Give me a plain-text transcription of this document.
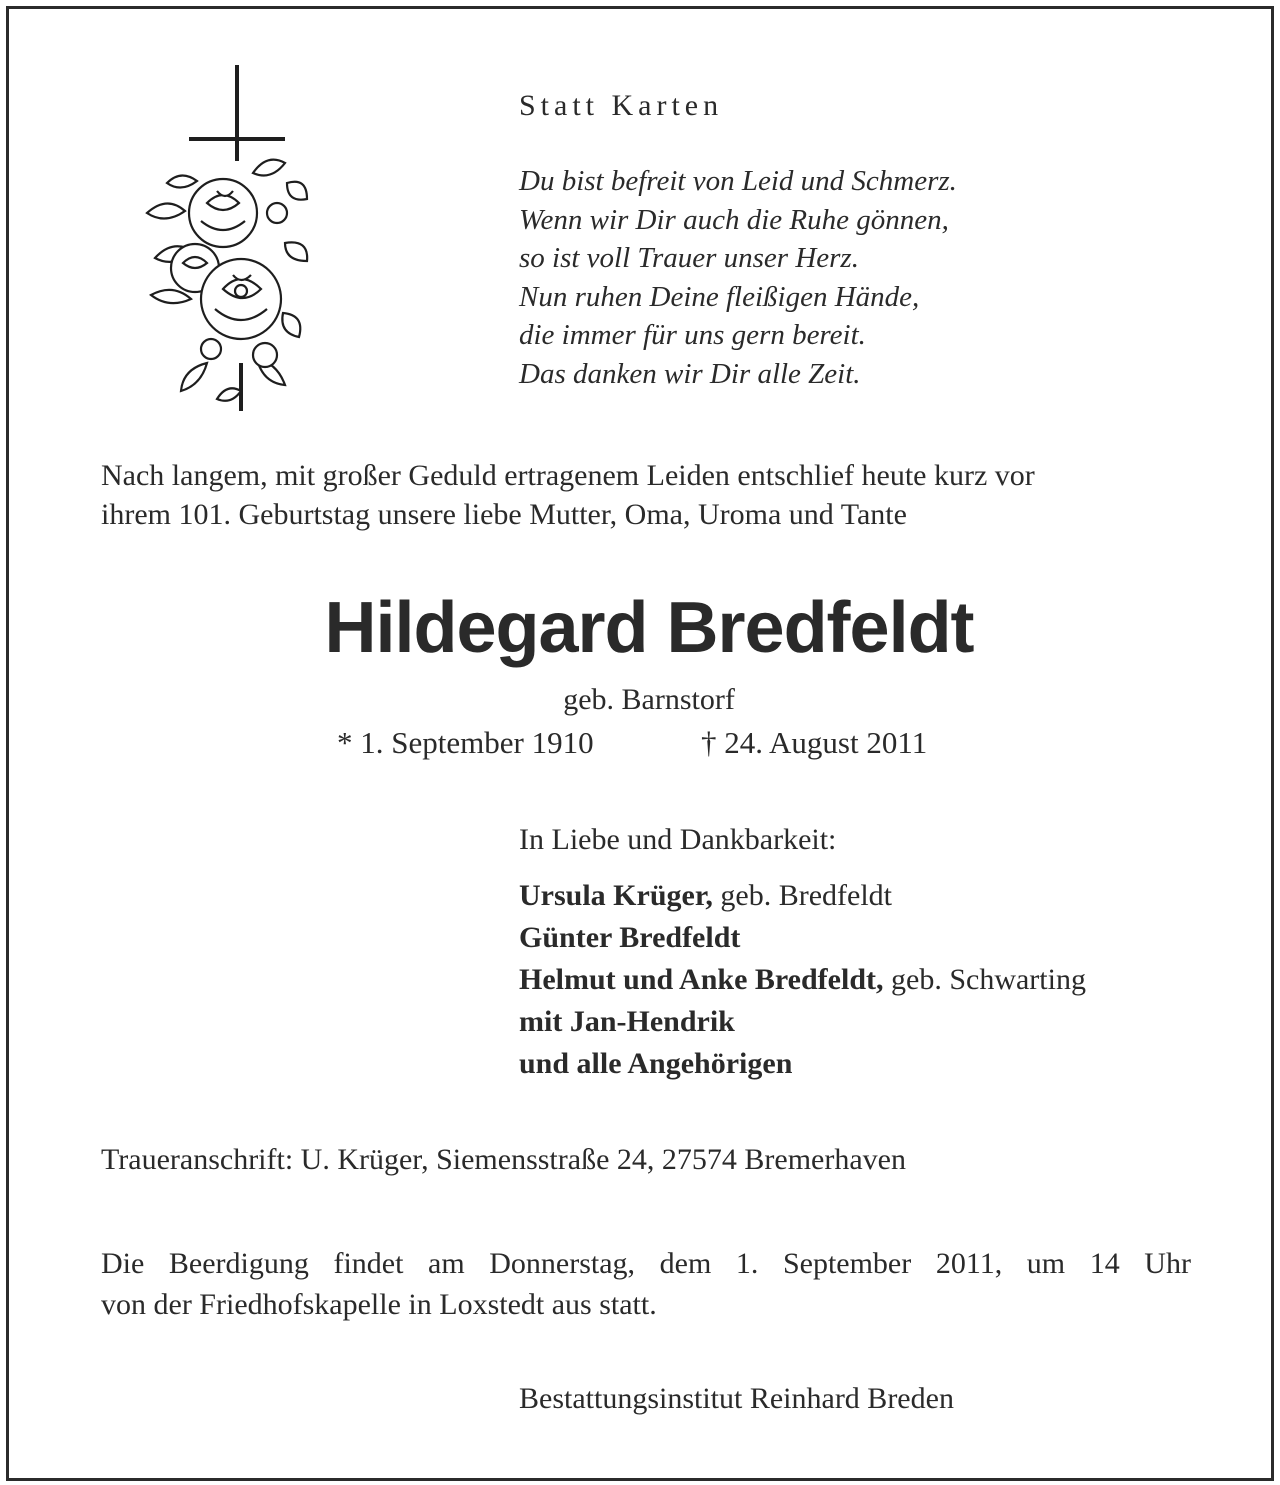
Statt Karten
Du bist befreit von Leid und Schmerz.
Wenn wir Dir auch die Ruhe gönnen,
so ist voll Trauer unser Herz.
Nun ruhen Deine fleißigen Hände,
die immer für uns gern bereit.
Das danken wir Dir alle Zeit.
Nach langem, mit großer Geduld ertragenem Leiden entschlief heute kurz vor
ihrem 101. Geburtstag unsere liebe Mutter, Oma, Uroma und Tante
Hildegard Bredfeldt
geb. Barnstorf
* 1. September 1910	† 24. August 2011
In Liebe und Dankbarkeit:
Ursula Krüger, geb. Bredfeldt
Günter Bredfeldt
Helmut und Anke Bredfeldt, geb. Schwarting
mit Jan-Hendrik
und alle Angehörigen
Traueranschrift: U. Krüger, Siemensstraße 24, 27574 Bremerhaven
Die Beerdigung findet am Donnerstag, dem 1. September 2011, um 14 Uhr
von der Friedhofskapelle in Loxstedt aus statt.
Bestattungsinstitut Reinhard Breden
